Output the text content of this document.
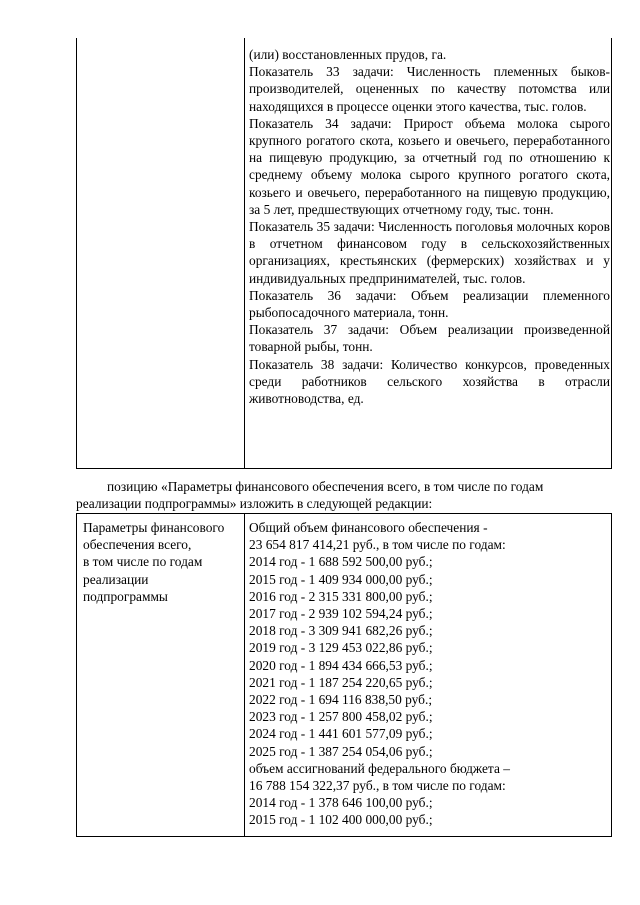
(или) восстановленных прудов, га.

Показатель 33 задачи: Численность племенных быков-производителей, оцененных по качеству потомства или находящихся в процессе оценки этого качества, тыс. голов.

Показатель 34 задачи: Прирост объема молока сырого крупного рогатого скота, козьего и овечьего, переработанного на пищевую продукцию, за отчетный год по отношению к среднему объему молока сырого крупного рогатого скота, козьего и овечьего, переработанного на пищевую продукцию, за 5 лет, предшествующих отчетному году, тыс. тонн.

Показатель 35 задачи: Численность поголовья молочных коров в отчетном финансовом году в сельскохозяйственных организациях, крестьянских (фермерских) хозяйствах и у индивидуальных предпринимателей, тыс. голов.

Показатель 36 задачи: Объем реализации племенного рыбопосадочного материала, тонн.

Показатель 37 задачи: Объем реализации произведенной товарной рыбы, тонн.

Показатель 38 задачи: Количество конкурсов, проведенных среди работников сельского хозяйства в отрасли животноводства, ед.

позицию «Параметры финансового обеспечения всего, в том числе по годам
реализации подпрограммы» изложить в следующей редакции:
Параметры финансового
обеспечения всего,
в том числе по годам
реализации
подпрограммы
Общий объем финансового обеспечения -
23 654 817 414,21 руб., в том числе по годам:
2014 год - 1 688 592 500,00 руб.;
2015 год - 1 409 934 000,00 руб.;
2016 год - 2 315 331 800,00 руб.;
2017 год - 2 939 102 594,24 руб.;
2018 год - 3 309 941 682,26 руб.;
2019 год - 3 129 453 022,86 руб.;
2020 год - 1 894 434 666,53 руб.;
2021 год - 1 187 254 220,65 руб.;
2022 год - 1 694 116 838,50 руб.;
2023 год - 1 257 800 458,02 руб.;
2024 год - 1 441 601 577,09 руб.;
2025 год - 1 387 254 054,06 руб.;
объем ассигнований федерального бюджета –
16 788 154 322,37 руб., в том числе по годам:
2014 год - 1 378 646 100,00 руб.;
2015 год - 1 102 400 000,00 руб.;
